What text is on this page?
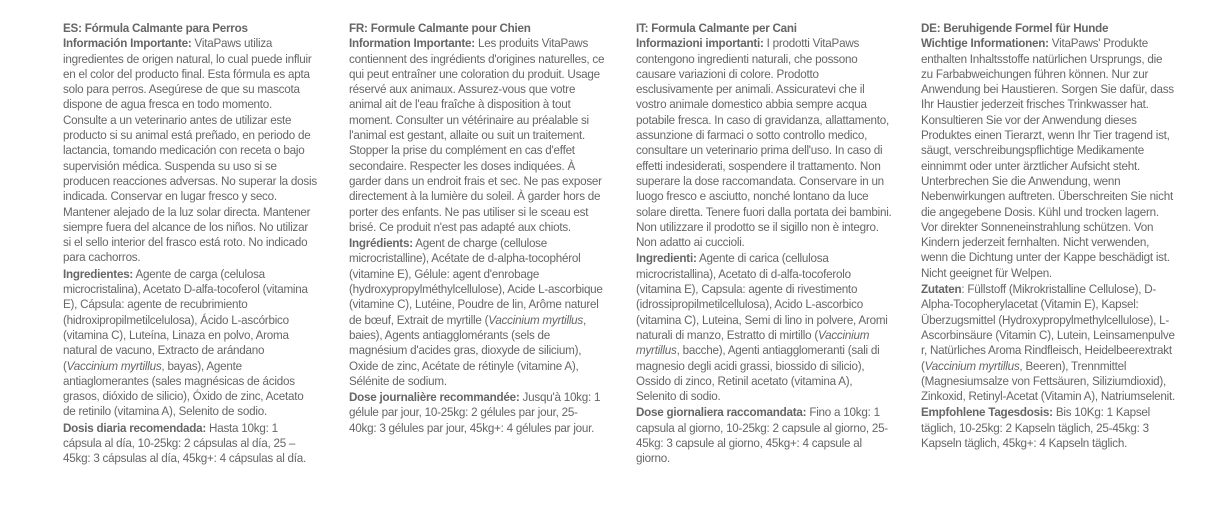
ES: Fórmula Calmante para Perros

Información Importante: VitaPaws utiliza ingredientes de origen natural, lo cual puede influir en el color del producto final. Esta fórmula es apta solo para perros. Asegúrese de que su mascota dispone de agua fresca en todo momento. Consulte a un veterinario antes de utilizar este producto si su animal está preñado, en periodo de lactancia, tomando medicación con receta o bajo supervisión médica. Suspenda su uso si se producen reacciones adversas. No superar la dosis indicada. Conservar en lugar fresco y seco. Mantener alejado de la luz solar directa. Mantener siempre fuera del alcance de los niños. No utilizar si el sello interior del frasco está roto. No indicado para cachorros.

Ingredientes: Agente de carga (celulosa microcristalina), Acetato D-alfa-tocoferol (vitamina E), Cápsula: agente de recubrimiento (hidroxipropilmetilcelulosa), Ácido L-ascórbico (vitamina C), Luteína, Linaza en polvo, Aroma natural de vacuno, Extracto de arándano (Vaccinium myrtillus, bayas), Agente antiaglomerantes (sales magnésicas de ácidos grasos, dióxido de silicio), Óxido de zinc, Acetato de retinilo (vitamina A), Selenito de sodio.

Dosis diaria recomendada: Hasta 10kg: 1 cápsula al día, 10-25kg: 2 cápsulas al día, 25 – 45kg: 3 cápsulas al día, 45kg+: 4 cápsulas al día.

FR: Formule Calmante pour Chien

Information Importante: Les produits VitaPaws contiennent des ingrédients d'origines naturelles, ce qui peut entraîner une coloration du produit. Usage réservé aux animaux. Assurez-vous que votre animal ait de l'eau fraîche à disposition à tout moment. Consulter un vétérinaire au préalable si l'animal est gestant, allaite ou suit un traitement. Stopper la prise du complément en cas d'effet secondaire. Respecter les doses indiquées. À garder dans un endroit frais et sec. Ne pas exposer directement à la lumière du soleil. À garder hors de porter des enfants. Ne pas utiliser si le sceau est brisé. Ce produit n'est pas adapté aux chiots.

Ingrédients: Agent de charge (cellulose microcristalline), Acétate de d-alpha-tocophérol (vitamine E), Gélule: agent d'enrobage (hydroxypropylméthylcellulose), Acide L-ascorbique (vitamine C), Lutéine, Poudre de lin, Arôme naturel de bœuf, Extrait de myrtille (Vaccinium myrtillus, baies), Agents antiagglomérants (sels de magnésium d'acides gras, dioxyde de silicium), Oxide de zinc, Acétate de rétinyle (vitamine A), Sélénite de sodium.

Dose journalière recommandée: Jusqu'à 10kg: 1 gélule par jour, 10-25kg: 2 gélules par jour, 25-40kg: 3 gélules par jour, 45kg+: 4 gélules par jour.

IT: Formula Calmante per Cani

Informazioni importanti: I prodotti VitaPaws contengono ingredienti naturali, che possono causare variazioni di colore. Prodotto esclusivamente per animali. Assicuratevi che il vostro animale domestico abbia sempre acqua potabile fresca. In caso di gravidanza, allattamento, assunzione di farmaci o sotto controllo medico, consultare un veterinario prima dell'uso. In caso di effetti indesiderati, sospendere il trattamento. Non superare la dose raccomandata. Conservare in un luogo fresco e asciutto, nonché lontano da luce solare diretta. Tenere fuori dalla portata dei bambini. Non utilizzare il prodotto se il sigillo non è integro. Non adatto ai cuccioli.

Ingredienti: Agente di carica (cellulosa microcristallina), Acetato di d-alfa-tocoferolo (vitamina E), Capsula: agente di rivestimento (idrossipropilmetilcellulosa), Acido L-ascorbico (vitamina C), Luteina, Semi di lino in polvere, Aromi naturali di manzo, Estratto di mirtillo (Vaccinium myrtillus, bacche), Agenti antiagglomeranti (sali di magnesio degli acidi grassi, biossido di silicio), Ossido di zinco, Retinil acetato (vitamina A), Selenito di sodio.

Dose giornaliera raccomandata: Fino a 10kg: 1 capsula al giorno, 10-25kg: 2 capsule al giorno, 25-45kg: 3 capsule al giorno, 45kg+: 4 capsule al giorno.

DE: Beruhigende Formel für Hunde

Wichtige Informationen: VitaPaws' Produkte enthalten Inhaltsstoffe natürlichen Ursprungs, die zu Farbabweichungen führen können. Nur zur Anwendung bei Haustieren. Sorgen Sie dafür, dass Ihr Haustier jederzeit frisches Trinkwasser hat. Konsultieren Sie vor der Anwendung dieses Produktes einen Tierarzt, wenn Ihr Tier tragend ist, säugt, verschreibungspflichtige Medikamente einnimmt oder unter ärztlicher Aufsicht steht. Unterbrechen Sie die Anwendung, wenn Nebenwirkungen auftreten. Überschreiten Sie nicht die angegebene Dosis. Kühl und trocken lagern. Vor direkter Sonneneinstrahlung schützen. Von Kindern jederzeit fernhalten. Nicht verwenden, wenn die Dichtung unter der Kappe beschädigt ist. Nicht geeignet für Welpen.

Zutaten: Füllstoff (Mikrokristalline Cellulose), D-Alpha-Tocopherylacetat (Vitamin E), Kapsel: Überzugsmittel (Hydroxypropylmethylcellulose), L-Ascorbinsäure (Vitamin C), Lutein, Leinsamenpulve r, Natürliches Aroma Rindfleisch, Heidelbeerextrakt (Vaccinium myrtillus, Beeren), Trennmittel (Magnesiumsalze von Fettsäuren, Siliziumdioxid), Zinkoxid, Retinyl-Acetat (Vitamin A), Natriumselenit.

Empfohlene Tagesdosis: Bis 10Kg: 1 Kapsel täglich, 10-25kg: 2 Kapseln täglich, 25-45kg: 3 Kapseln täglich, 45kg+: 4 Kapseln täglich.
